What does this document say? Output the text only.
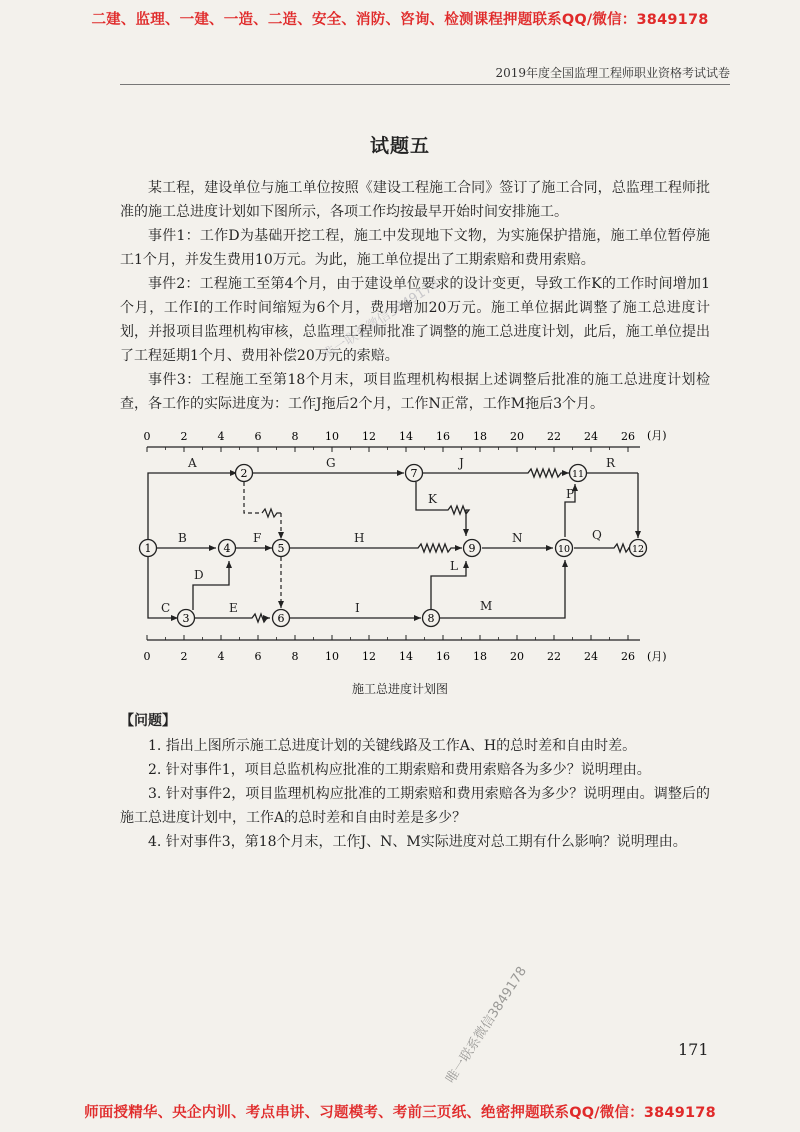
二建、监理、一建、一造、二造、安全、消防、咨询、检测课程押题联系QQ/微信：3849178
2019年度全国监理工程师职业资格考试试卷
试题五
某工程，建设单位与施工单位按照《建设工程施工合同》签订了施工合同，总监理工程师批准的施工总进度计划如下图所示，各项工作均按最早开始时间安排施工。
事件1：工作D为基础开挖工程，施工中发现地下文物，为实施保护措施，施工单位暂停施工1个月，并发生费用10万元。为此，施工单位提出了工期索赔和费用索赔。
事件2：工程施工至第4个月，由于建设单位要求的设计变更，导致工作K的工作时间增加1个月，工作I的工作时间缩短为6个月，费用增加20万元。施工单位据此调整了施工总进度计划，并报项目监理机构审核，总监理工程师批准了调整的施工总进度计划，此后，施工单位提出了工程延期1个月、费用补偿20万元的索赔。
事件3：工程施工至第18个月末，项目监理机构根据上述调整后批准的施工总进度计划检查，各工作的实际进度为：工作J拖后2个月，工作N正常，工作M拖后3个月。
0	2	4	6	8 10 12 14 16 18 20 22 24 26
0	2	4	6	8 10 12 14 16 18 20 22 24 26
(月)
(月)
A
B
C
D
E
F
G
H
I
J
K
L
M
N
P
Q
R
1
2
3
4	5
6
7
8
9	10
11
12
施工总进度计划图
【问题】
1. 指出上图所示施工总进度计划的关键线路及工作A、H的总时差和自由时差。
2. 针对事件1，项目总监机构应批准的工期索赔和费用索赔各为多少？说明理由。
3. 针对事件2，项目监理机构应批准的工期索赔和费用索赔各为多少？说明理由。调整后的施工总进度计划中，工作A的总时差和自由时差是多少？
4. 针对事件3，第18个月末，工作J、N、M实际进度对总工期有什么影响？说明理由。
唯一联系微信3849178
唯一联系微信3849178	171
师面授精华、央企内训、考点串讲、习题模考、考前三页纸、绝密押题联系QQ/微信：3849178
